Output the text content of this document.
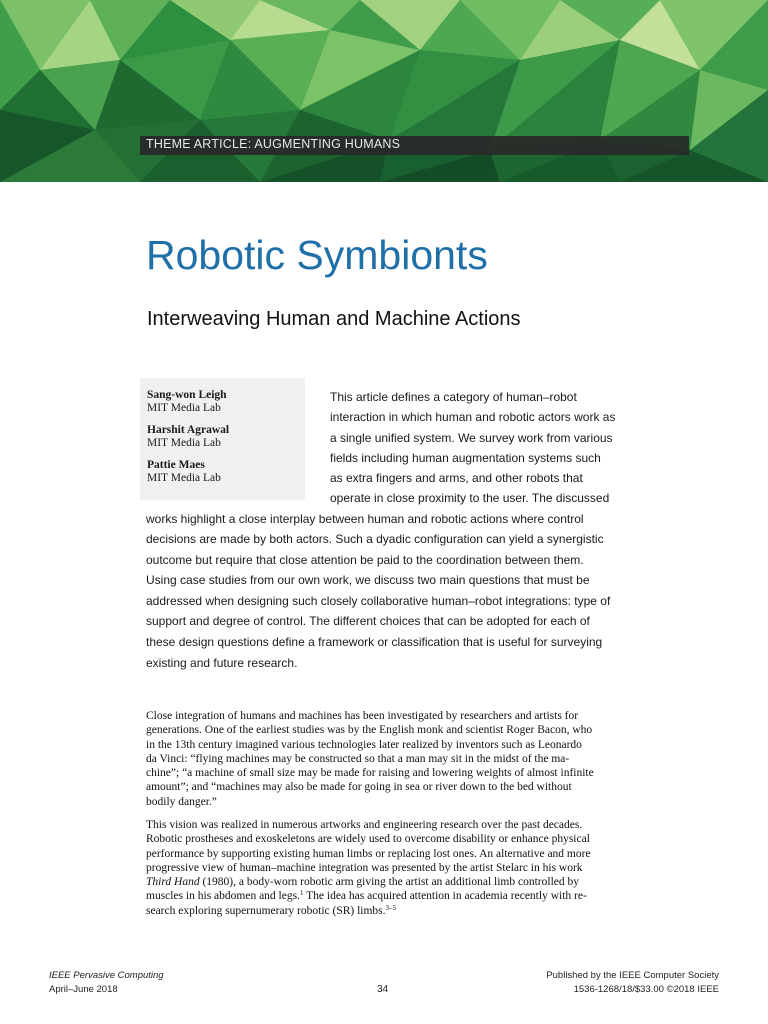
THEME ARTICLE: AUGMENTING HUMANS
Robotic Symbionts
Interweaving Human and Machine Actions
Sang-won Leigh
MIT Media Lab
Harshit Agrawal
MIT Media Lab
Pattie Maes
MIT Media Lab
This article defines a category of human–robot
interaction in which human and robotic actors work as
a single unified system. We survey work from various
fields including human augmentation systems such
as extra fingers and arms, and other robots that
operate in close proximity to the user. The discussed
works highlight a close interplay between human and robotic actions where control
decisions are made by both actors. Such a dyadic configuration can yield a synergistic
outcome but require that close attention be paid to the coordination between them.
Using case studies from our own work, we discuss two main questions that must be
addressed when designing such closely collaborative human–robot integrations: type of
support and degree of control. The different choices that can be adopted for each of
these design questions define a framework or classification that is useful for surveying
existing and future research.
Close integration of humans and machines has been investigated by researchers and artists for
generations. One of the earliest studies was by the English monk and scientist Roger Bacon, who
in the 13th century imagined various technologies later realized by inventors such as Leonardo
da Vinci: “flying machines may be constructed so that a man may sit in the midst of the ma-
chine”; “a machine of small size may be made for raising and lowering weights of almost infinite
amount”; and “machines may also be made for going in sea or river down to the bed without
bodily danger.”
This vision was realized in numerous artworks and engineering research over the past decades.
Robotic prostheses and exoskeletons are widely used to overcome disability or enhance physical
performance by supporting existing human limbs or replacing lost ones. An alternative and more
progressive view of human–machine integration was presented by the artist Stelarc in his work
Third Hand (1980), a body-worn robotic arm giving the artist an additional limb controlled by
muscles in his abdomen and legs.$^1$ The idea has acquired attention in academia recently with re-
search exploring supernumerary robotic (SR) limbs.$^{3-5}$
IEEE Pervasive Computing
April–June 2018	34
Published by the IEEE Computer Society
1536-1268/18/$33.00 ©2018 IEEE
